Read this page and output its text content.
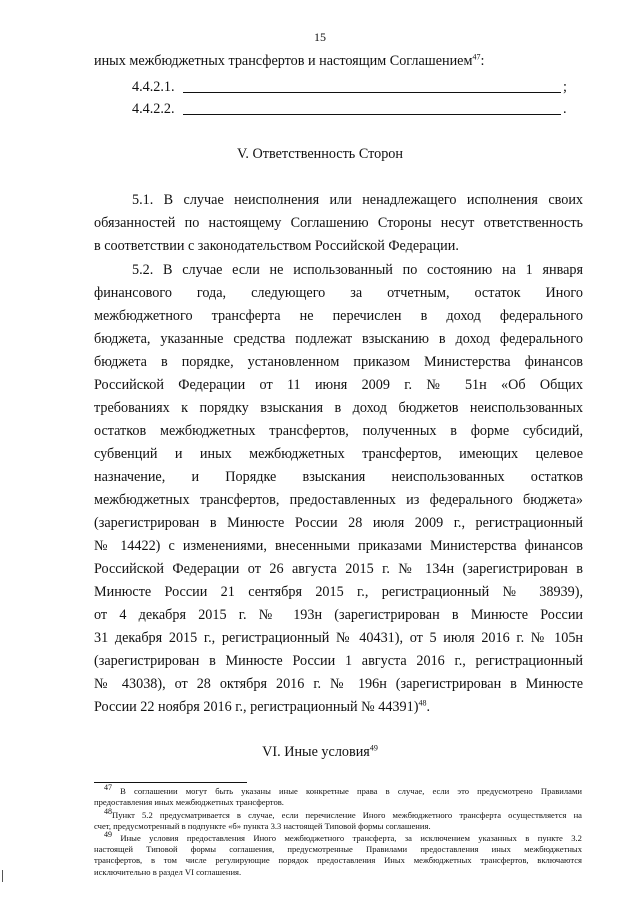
15
иных межбюджетных трансфертов и настоящим Соглашением$^{47}$:
4.4.2.1.	;
4.4.2.2.	.
V. Ответственность Сторон
5.1. В случае неисполнения или ненадлежащего исполнения своих
обязанностей по настоящему Соглашению Стороны несут ответственность
в соответствии с законодательством Российской Федерации.
5.2. В случае если не использованный по состоянию на 1 января
финансового года, следующего за отчетным, остаток Иного
межбюджетного трансферта не перечислен в доход федерального
бюджета, указанные средства подлежат взысканию в доход федерального
бюджета в порядке, установленном приказом Министерства финансов
Российской Федерации от 11 июня 2009 г. № 51н «Об Общих
требованиях к порядку взыскания в доход бюджетов неиспользованных
остатков межбюджетных трансфертов, полученных в форме субсидий,
субвенций и иных межбюджетных трансфертов, имеющих целевое
назначение, и Порядке взыскания неиспользованных остатков
межбюджетных трансфертов, предоставленных из федерального бюджета»
(зарегистрирован в Минюсте России 28 июля 2009 г., регистрационный
№ 14422) с изменениями, внесенными приказами Министерства финансов
Российской Федерации от 26 августа 2015 г. № 134н (зарегистрирован в
Минюсте России 21 сентября 2015 г., регистрационный № 38939),
от 4 декабря 2015 г. № 193н (зарегистрирован в Минюсте России
31 декабря 2015 г., регистрационный № 40431), от 5 июля 2016 г. № 105н
(зарегистрирован в Минюсте России 1 августа 2016 г., регистрационный
№ 43038), от 28 октября 2016 г. № 196н (зарегистрирован в Минюсте
России 22 ноября 2016 г., регистрационный № 44391)$^{48}$.
VI. Иные условия$^{49}$
$^{47}$ В соглашении могут быть указаны иные конкретные права в случае, если это предусмотрено Правилами
предоставления иных межбюджетных трансфертов.
$^{48}$Пункт 5.2 предусматривается в случае, если перечисление Иного межбюджетного трансферта осуществляется на
счет, предусмотренный в подпункте «б» пункта 3.3 настоящей Типовой формы соглашения.
$^{49}$ Иные условия предоставления Иного межбюджетного трансферта, за исключением указанных в пункте 3.2
настоящей Типовой формы соглашения, предусмотренные Правилами предоставления иных межбюджетных
трансфертов, в том числе регулирующие порядок предоставления Иных межбюджетных трансфертов, включаются
исключительно в раздел VI соглашения.
